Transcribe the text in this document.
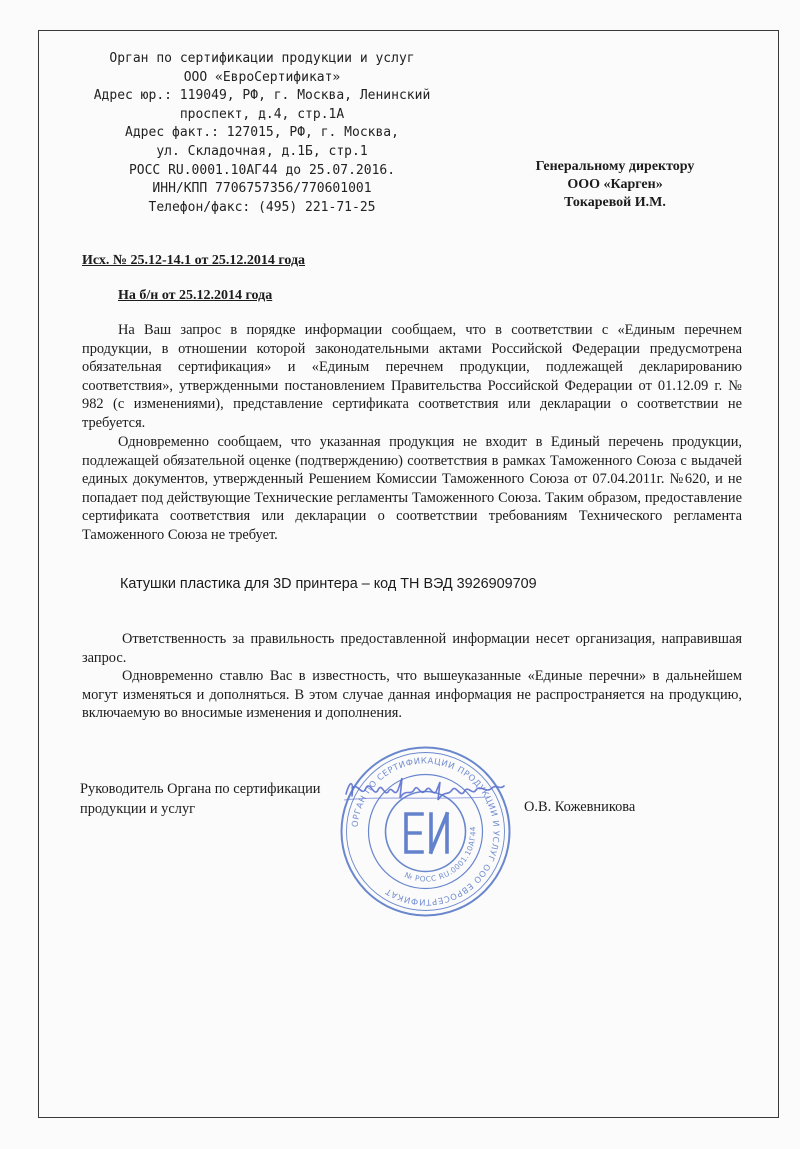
Орган по сертификации продукции и услуг
ООО «ЕвроСертификат»
Адрес юр.: 119049, РФ, г. Москва, Ленинский
проспект, д.4, стр.1А
Адрес факт.: 127015, РФ, г. Москва,
ул. Складочная, д.1Б, стр.1
РОСС RU.0001.10АГ44 до 25.07.2016.
ИНН/КПП 7706757356/770601001
Телефон/факс: (495) 221-71-25
Генеральному директору
ООО «Карген»
Токаревой И.М.
Исх. № 25.12-14.1 от 25.12.2014 года
На б/н от 25.12.2014 года

На Ваш запрос в порядке информации сообщаем, что в соответствии с «Единым перечнем продукции, в отношении которой законодательными актами Российской Федерации предусмотрена обязательная сертификация» и «Единым перечнем продукции, подлежащей декларированию соответствия», утвержденными постановлением Правительства Российской Федерации от 01.12.09 г. № 982 (с изменениями), представление сертификата соответствия или декларации о соответствии не требуется.

Одновременно сообщаем, что указанная продукция не входит в Единый перечень продукции, подлежащей обязательной оценке (подтверждению) соответствия в рамках Таможенного Союза с выдачей единых документов, утвержденный Решением Комиссии Таможенного Союза от 07.04.2011г. №620, и не попадает под действующие Технические регламенты Таможенного Союза. Таким образом, предоставление сертификата соответствия или декларации о соответствии требованиям Технического регламента Таможенного Союза не требует.

Катушки пластика для 3D принтера – код ТН ВЭД 3926909709

Ответственность за правильность предоставленной информации несет организация, направившая запрос.

Одновременно ставлю Вас в известность, что вышеуказанные «Единые перечни» в дальнейшем могут изменяться и дополняться. В этом случае данная информация не распространяется на продукцию, включаемую во вносимые изменения и дополнения.

Руководитель Органа по сертификации
продукции и услуг	О.В. Кожевникова
ОРГАН ПО СЕРТИФИКАЦИИ ПРОДУКЦИИ И УСЛУГ ООО ЕВРОСЕРТИФИКАТ
№ РОСС RU.0001.10АГ44
